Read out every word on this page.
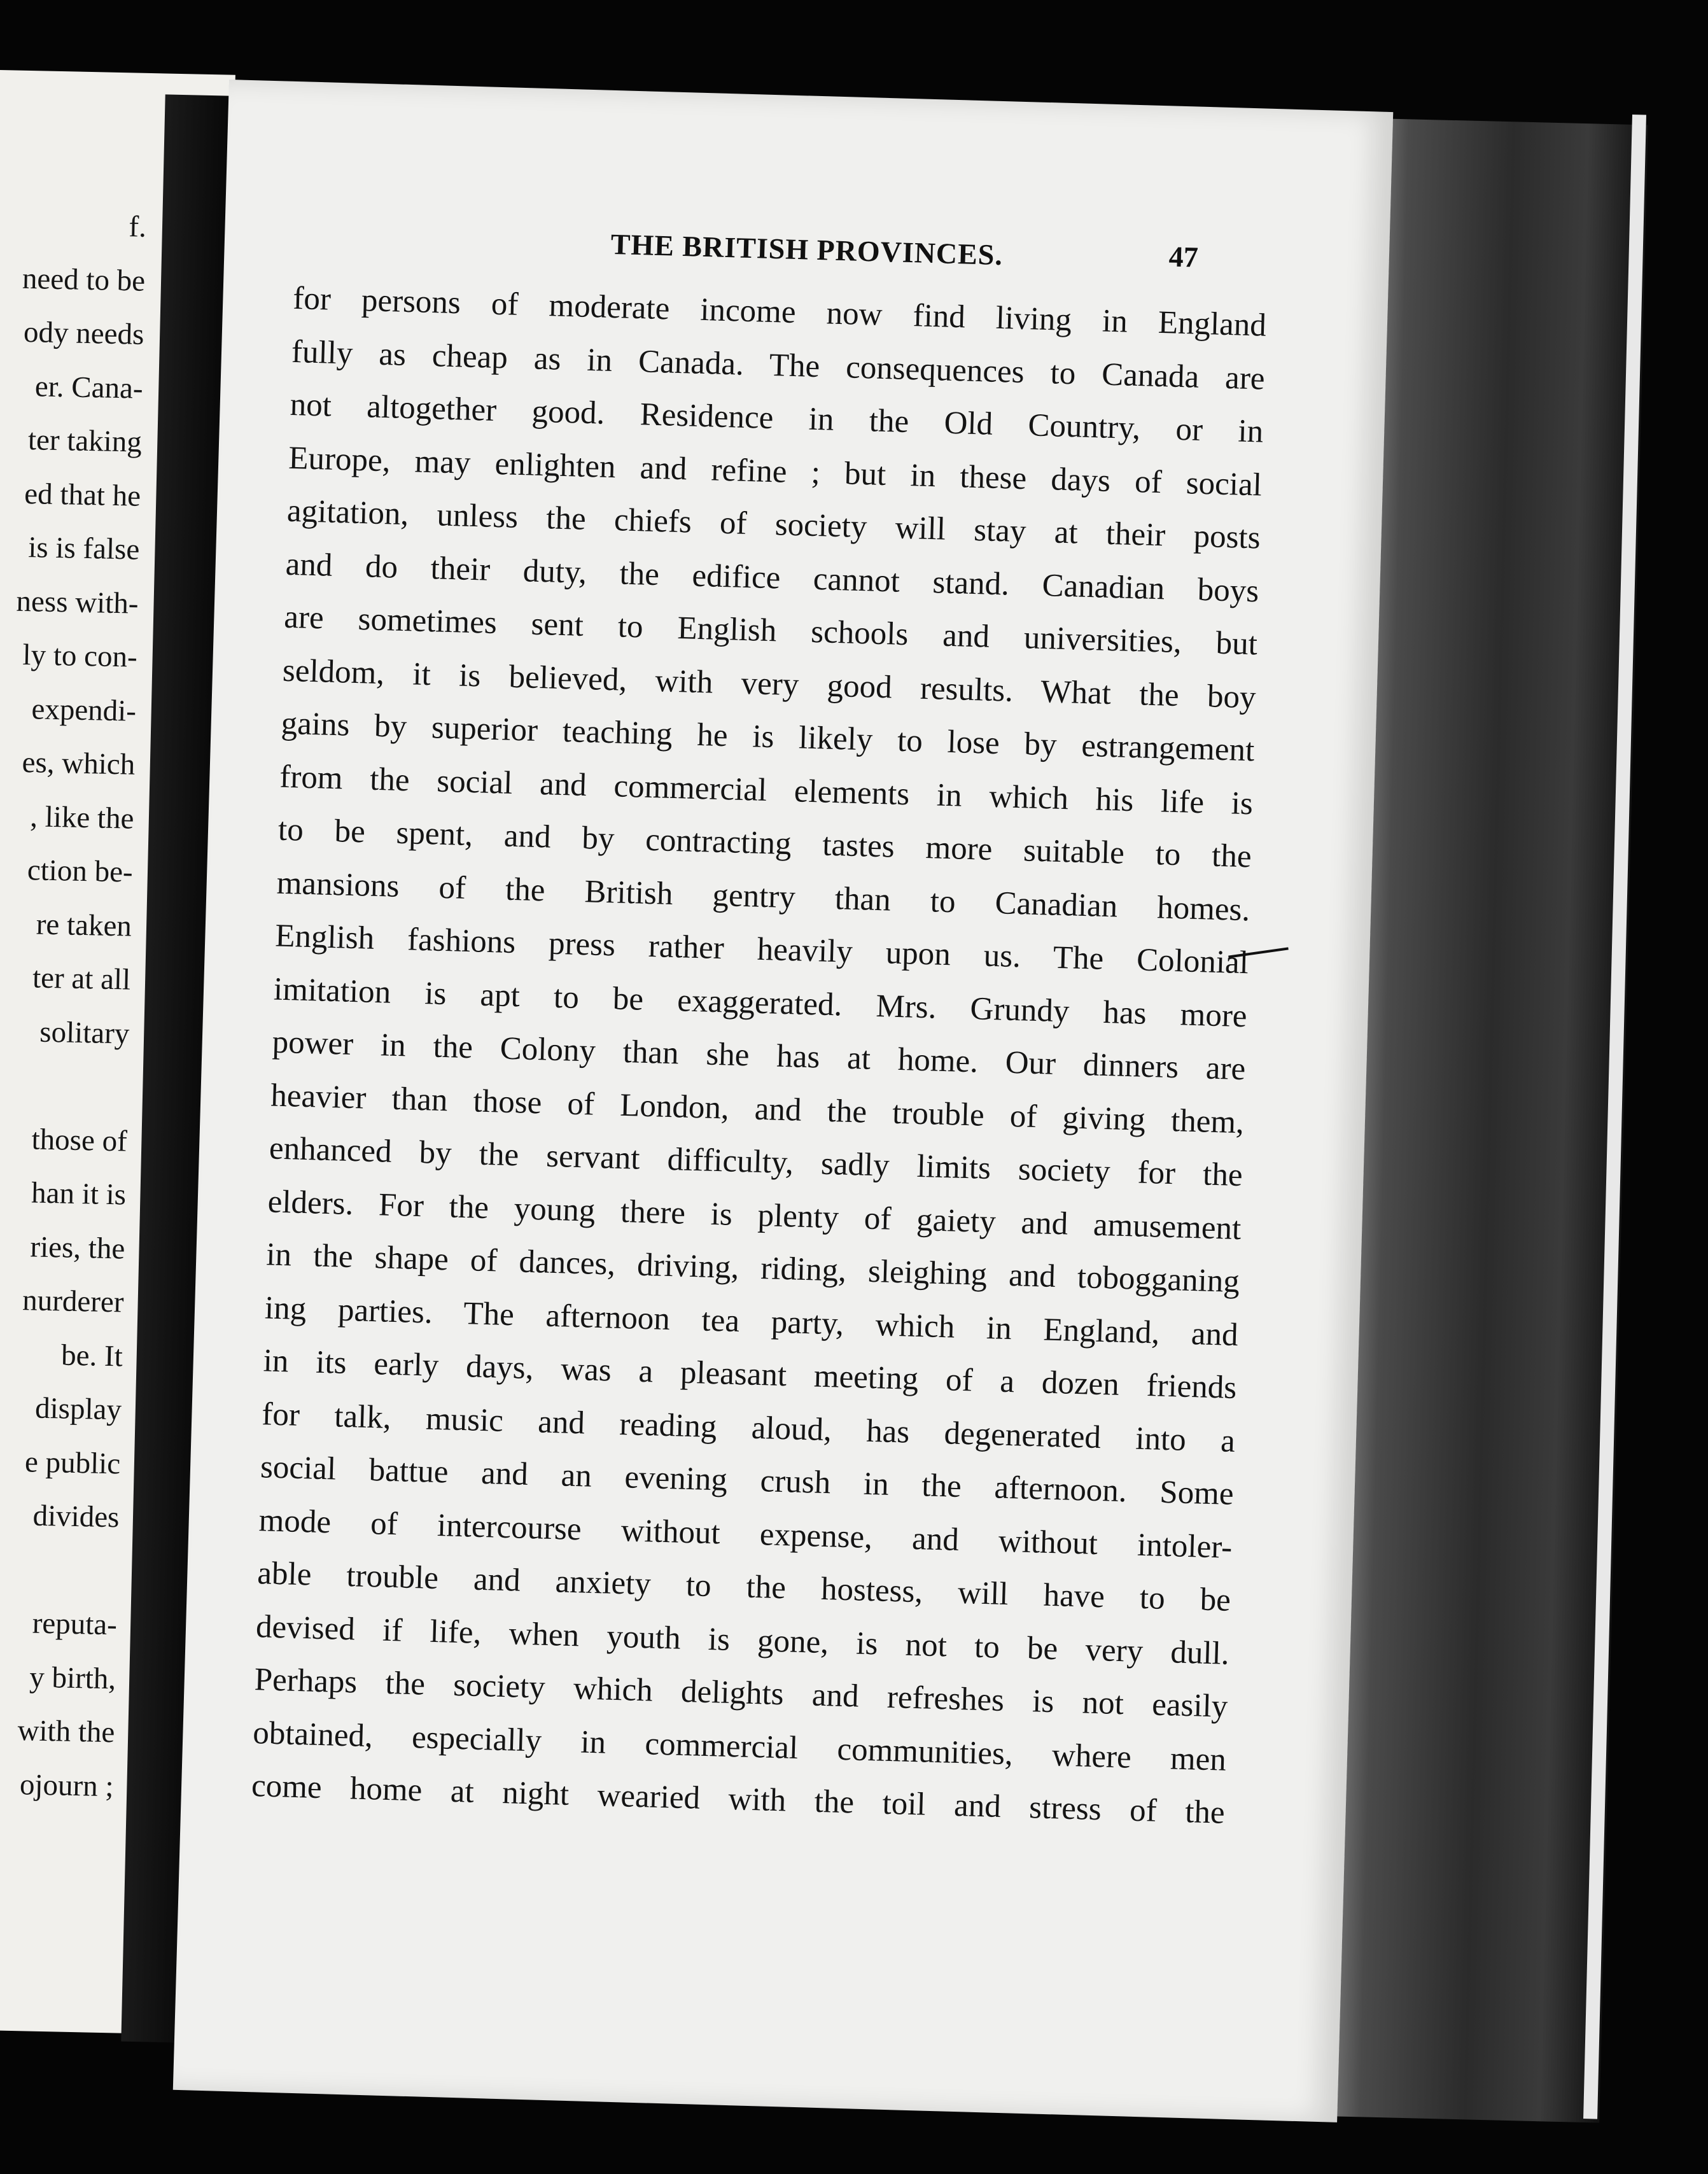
f.
need to be
ody needs
er. Cana-
ter taking
ed that he
is is false
ness with-
ly to con-
expendi-
es, which
, like the
ction be-
re taken
ter at all
solitary
those of
han it is
ries, the
nurderer
be. It
display
e public
divides
reputa-
y birth,
with the
ojourn ;
THE BRITISH PROVINCES.	47
for persons of moderate income now find living in England
fully as cheap as in Canada. The consequences to Canada are
not altogether good. Residence in the Old Country, or in
Europe, may enlighten and refine ; but in these days of social
agitation, unless the chiefs of society will stay at their posts
and do their duty, the edifice cannot stand. Canadian boys
are sometimes sent to English schools and universities, but
seldom, it is believed, with very good results. What the boy
gains by superior teaching he is likely to lose by estrangement
from the social and commercial elements in which his life is
to be spent, and by contracting tastes more suitable to the
mansions of the British gentry than to Canadian homes.
English fashions press rather heavily upon us. The Colonial
imitation is apt to be exaggerated. Mrs. Grundy has more
power in the Colony than she has at home. Our dinners are
heavier than those of London, and the trouble of giving them,
enhanced by the servant difficulty, sadly limits society for the
elders. For the young there is plenty of gaiety and amusement
in the shape of dances, driving, riding, sleighing and tobogganing
ing parties. The afternoon tea party, which in England, and
in its early days, was a pleasant meeting of a dozen friends
for talk, music and reading aloud, has degenerated into a
social battue and an evening crush in the afternoon. Some
mode of intercourse without expense, and without intoler-
able trouble and anxiety to the hostess, will have to be
devised if life, when youth is gone, is not to be very dull.
Perhaps the society which delights and refreshes is not easily
obtained, especially in commercial communities, where men
come home at night wearied with the toil and stress of the
